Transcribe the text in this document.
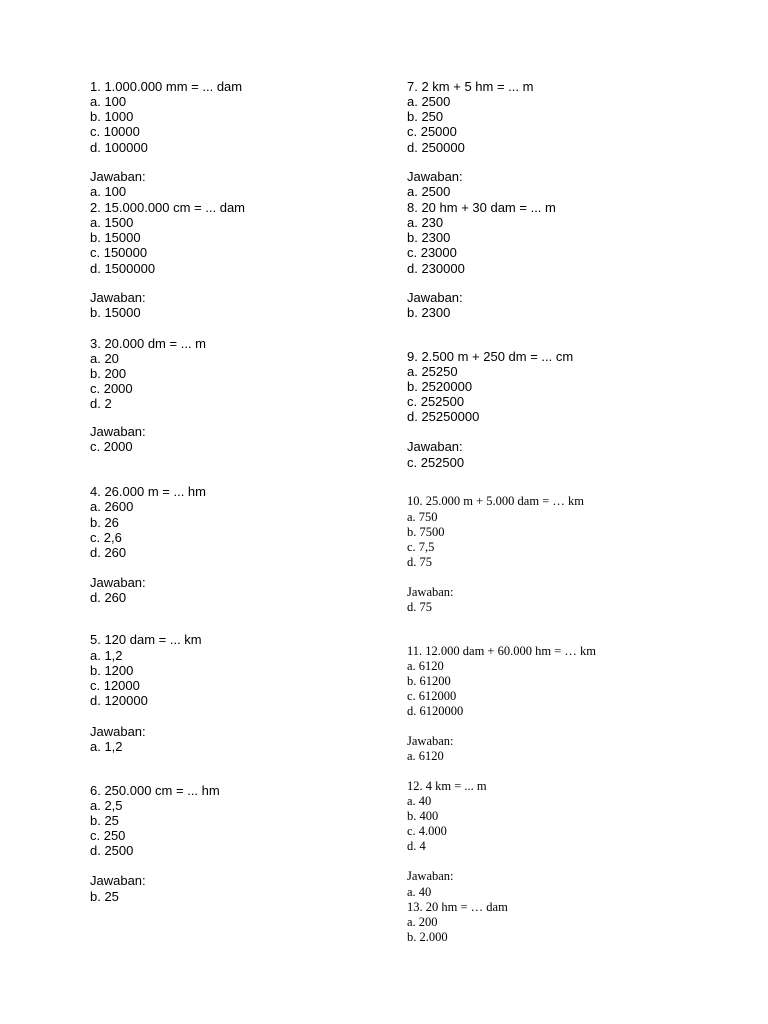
1. 1.000.000 mm = ... dam

a. 100

b. 1000

c. 10000

d. 100000

Jawaban:

a. 100

2. 15.000.000 cm = ... dam

a. 1500

b. 15000

c. 150000

d. 1500000

Jawaban:

b. 15000

3. 20.000 dm = ... m

a. 20

b. 200

c. 2000

d. 2

Jawaban:

c. 2000

4. 26.000 m = ... hm

a. 2600

b. 26

c. 2,6

d. 260

Jawaban:

d. 260

5. 120 dam = ... km

a. 1,2

b. 1200

c. 12000

d. 120000

Jawaban:

a. 1,2

6. 250.000 cm = ... hm

a. 2,5

b. 25

c. 250

d. 2500

Jawaban:

b. 25

7. 2 km + 5 hm = ... m

a. 2500

b. 250

c. 25000

d. 250000

Jawaban:

a. 2500

8. 20 hm + 30 dam = ... m

a. 230

b. 2300

c. 23000

d. 230000

Jawaban:

b. 2300

9. 2.500 m + 250 dm = ... cm

a. 25250

b. 2520000

c. 252500

d. 25250000

Jawaban:

c. 252500

10. 25.000 m + 5.000 dam = … km

a. 750

b. 7500

c. 7,5

d. 75

Jawaban:

d. 75

11. 12.000 dam + 60.000 hm = … km

a. 6120

b. 61200

c. 612000

d. 6120000

Jawaban:

a. 6120

12. 4 km = ... m

a. 40

b. 400

c. 4.000

d. 4

Jawaban:

a. 40

13. 20 hm = … dam

a. 200

b. 2.000
